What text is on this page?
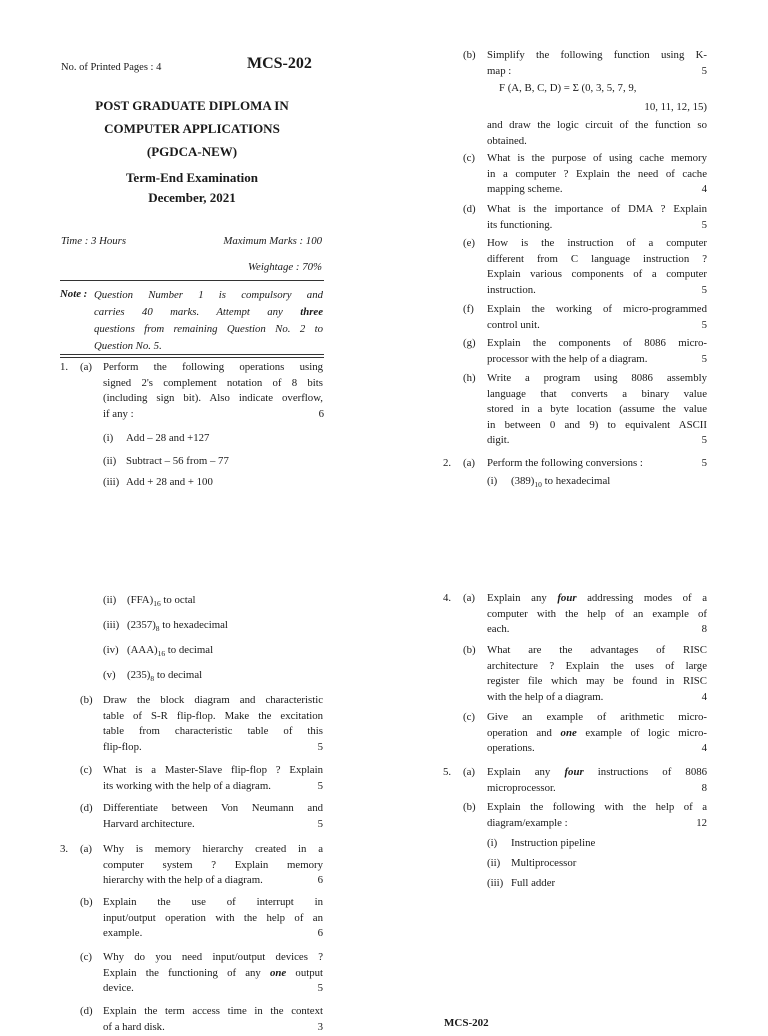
No. of Printed Pages : 4	MCS-202
POST GRADUATE DIPLOMA IN
COMPUTER APPLICATIONS
(PGDCA-NEW)
Term-End Examination
December, 2021
Time : 3 Hours	Maximum Marks : 100
Weightage : 70%
Note : Question Number 1 is compulsory and
carries 40 marks. Attempt any three
questions from remaining Question No. 2 to
Question No. 5.
1. (a) Perform the following operations using
signed 2's complement notation of 8 bits
(including sign bit). Also indicate overflow,
if any :	6
(i) Add – 28 and +127
(ii) Subtract – 56 from – 77
(iii) Add + 28 and + 100
(b) Simplify the following function using K-
map :	5
F (A, B, C, D) = Σ (0, 3, 5, 7, 9,
10, 11, 12, 15)
and draw the logic circuit of the function so
obtained.
(c) What is the purpose of using cache memory
in a computer ? Explain the need of cache
mapping scheme.	4
(d) What is the importance of DMA ? Explain
its functioning.	5
(e) How is the instruction of a computer
different from C language instruction ?
Explain various components of a computer
instruction.	5
(f) Explain the working of micro-programmed
control unit.	5
(g) Explain the components of 8086 micro-
processor with the help of a diagram.	5
(h) Write a program using 8086 assembly
language that converts a binary value
stored in a byte location (assume the value
in between 0 and 9) to equivalent ASCII
digit.	5
2. (a) Perform the following conversions :	5
(i) $(389)_{10}$ to hexadecimal
(ii) $(FFA)_{16}$ to octal
(iii) $(2357)_8$ to hexadecimal
(iv) $(AAA)_{16}$ to decimal
(v) $(235)_8$ to decimal
(b) Draw the block diagram and characteristic
table of S-R flip-flop. Make the excitation
table from characteristic table of this
flip-flop.	5
(c) What is a Master-Slave flip-flop ? Explain
its working with the help of a diagram.	5
(d) Differentiate between Von Neumann and
Harvard architecture.	5
3. (a) Why is memory hierarchy created in a
computer system ? Explain memory
hierarchy with the help of a diagram.	6
(b) Explain the use of interrupt in
input/output operation with the help of an
example.	6
(c) Why do you need input/output devices ?
Explain the functioning of any one output
device.	5
(d) Explain the term access time in the context
of a hard disk.	3
4. (a) Explain any four addressing modes of a
computer with the help of an example of
each.	8
(b) What are the advantages of RISC
architecture ? Explain the uses of large
register file which may be found in RISC
with the help of a diagram.	4
(c) Give an example of arithmetic micro-
operation and one example of logic micro-
operations.	4
5. (a) Explain any four instructions of 8086
microprocessor.	8
(b) Explain the following with the help of a
diagram/example :	12
(i) Instruction pipeline
(ii) Multiprocessor
(iii) Full adder
MCS-202
